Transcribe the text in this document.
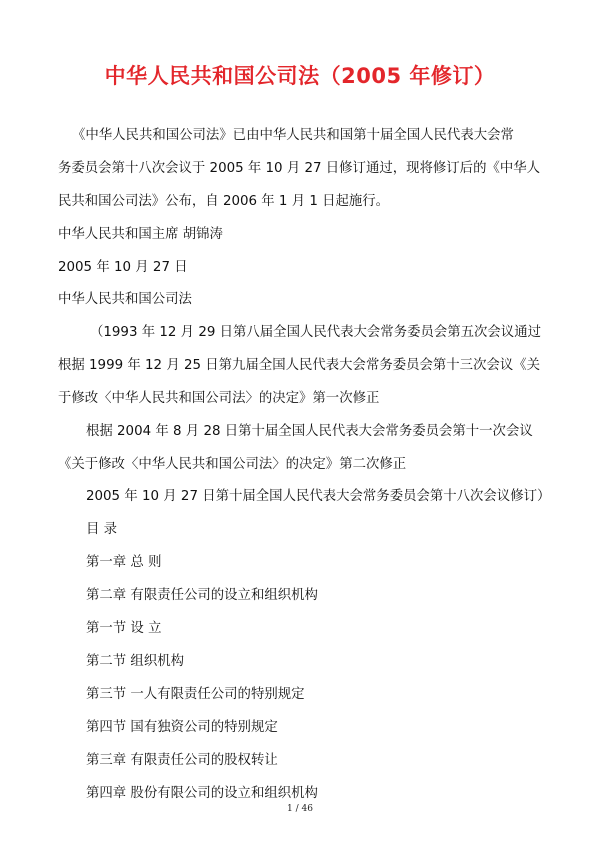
中华人民共和国公司法（2005 年修订）
《中华人民共和国公司法》已由中华人民共和国第十届全国人民代表大会常
务委员会第十八次会议于 2005 年 10 月 27 日修订通过，现将修订后的《中华人
民共和国公司法》公布，自 2006 年 1 月 1 日起施行。
中华人民共和国主席 胡锦涛
2005 年 10 月 27 日
中华人民共和国公司法
（1993 年 12 月 29 日第八届全国人民代表大会常务委员会第五次会议通过
根据 1999 年 12 月 25 日第九届全国人民代表大会常务委员会第十三次会议《关
于修改〈中华人民共和国公司法〉的决定》第一次修正
根据 2004 年 8 月 28 日第十届全国人民代表大会常务委员会第十一次会议
《关于修改〈中华人民共和国公司法〉的决定》第二次修正
2005 年 10 月 27 日第十届全国人民代表大会常务委员会第十八次会议修订）
目 录
第一章 总 则
第二章 有限责任公司的设立和组织机构
第一节 设 立
第二节 组织机构
第三节 一人有限责任公司的特别规定
第四节 国有独资公司的特别规定
第三章 有限责任公司的股权转让
第四章 股份有限公司的设立和组织机构
1 / 46
